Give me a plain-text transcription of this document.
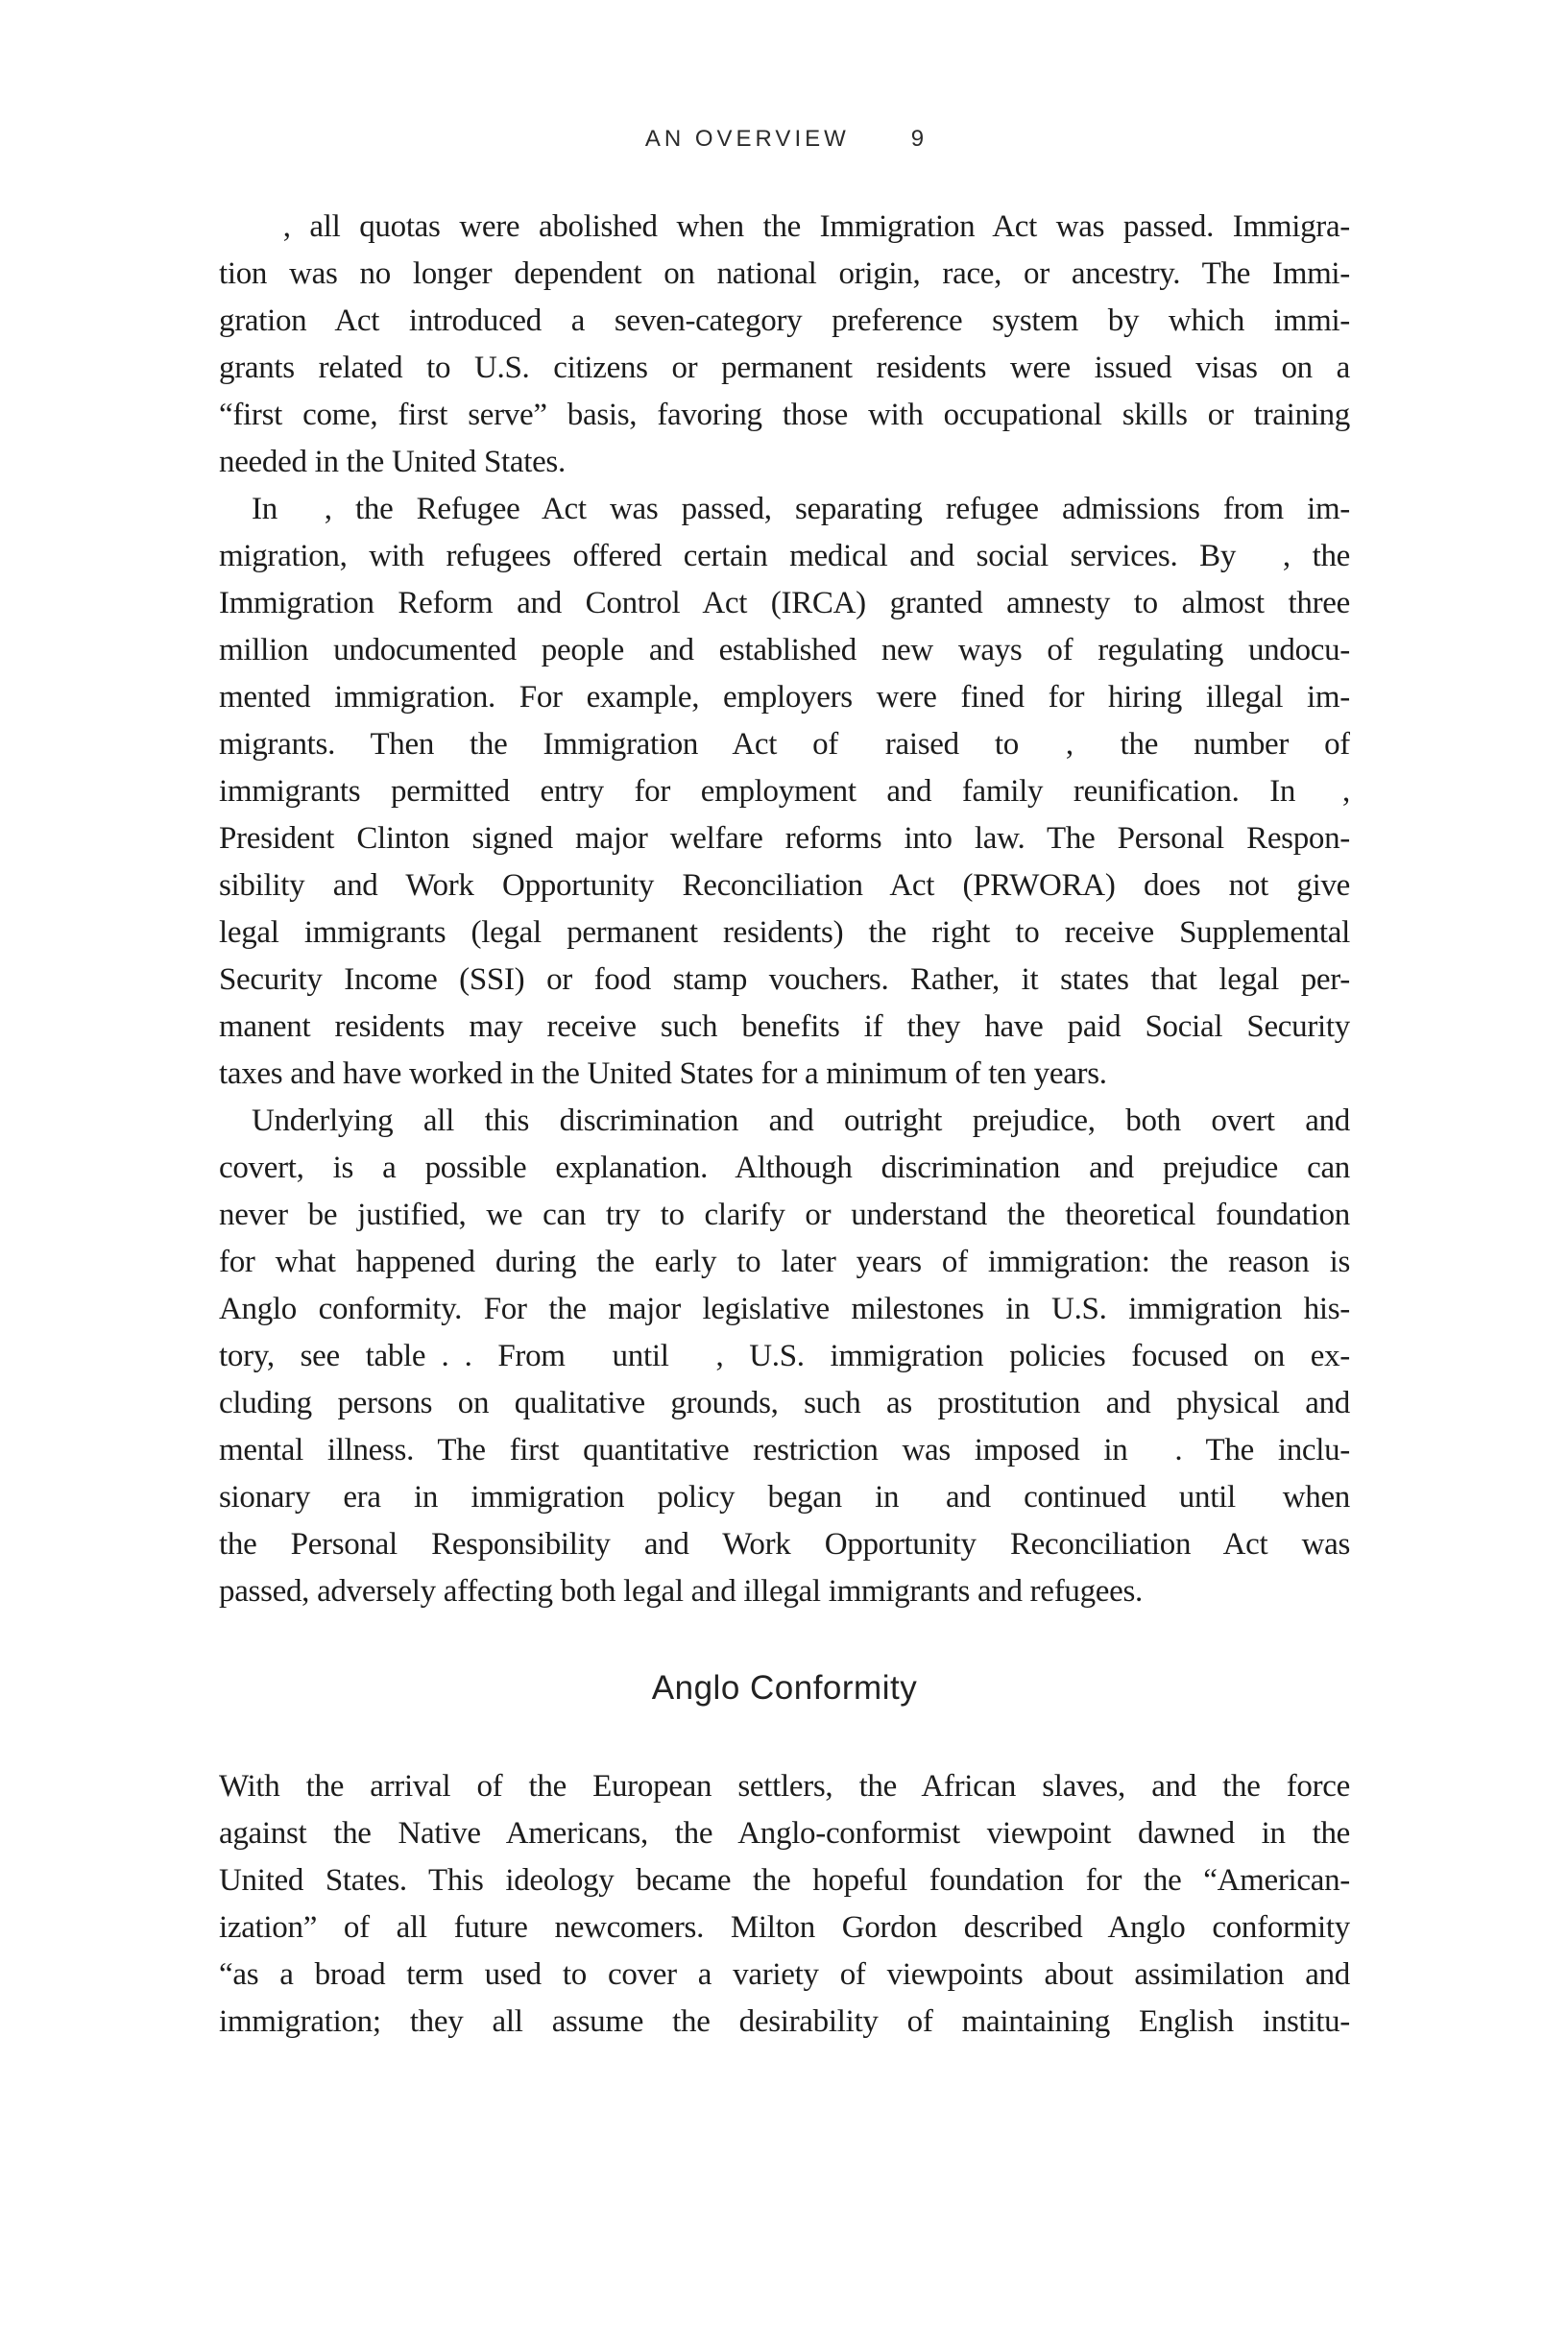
AN OVERVIEW	9
 , all quotas were abolished when the Immigration Act was passed. Immigra-
tion was no longer dependent on national origin, race, or ancestry. The Immi-
gration Act introduced a seven-category preference system by which immi-
grants related to U.S. citizens or permanent residents were issued visas on a
“first come, first serve” basis, favoring those with occupational skills or training
needed in the United States.
In  , the Refugee Act was passed, separating refugee admissions from im-
migration, with refugees offered certain medical and social services. By  , the
Immigration Reform and Control Act (IRCA) granted amnesty to almost three
million undocumented people and established new ways of regulating undocu-
mented immigration. For example, employers were fined for hiring illegal im-
migrants. Then the Immigration Act of  raised to  ,  the number of
immigrants permitted entry for employment and family reunification. In  ,
President Clinton signed major welfare reforms into law. The Personal Respon-
sibility and Work Opportunity Reconciliation Act (PRWORA) does not give
legal immigrants (legal permanent residents) the right to receive Supplemental
Security Income (SSI) or food stamp vouchers. Rather, it states that legal per-
manent residents may receive such benefits if they have paid Social Security
taxes and have worked in the United States for a minimum of ten years.
Underlying all this discrimination and outright prejudice, both overt and
covert, is a possible explanation. Although discrimination and prejudice can
never be justified, we can try to clarify or understand the theoretical foundation
for what happened during the early to later years of immigration: the reason is
Anglo conformity. For the major legislative milestones in U.S. immigration his-
tory, see table . . From  until  , U.S. immigration policies focused on ex-
cluding persons on qualitative grounds, such as prostitution and physical and
mental illness. The first quantitative restriction was imposed in  . The inclu-
sionary era in immigration policy began in  and continued until  when
the Personal Responsibility and Work Opportunity Reconciliation Act was
passed, adversely affecting both legal and illegal immigrants and refugees.
Anglo Conformity
With the arrival of the European settlers, the African slaves, and the force
against the Native Americans, the Anglo-conformist viewpoint dawned in the
United States. This ideology became the hopeful foundation for the “American-
ization” of all future newcomers. Milton Gordon described Anglo conformity
“as a broad term used to cover a variety of viewpoints about assimilation and
immigration; they all assume the desirability of maintaining English institu-
